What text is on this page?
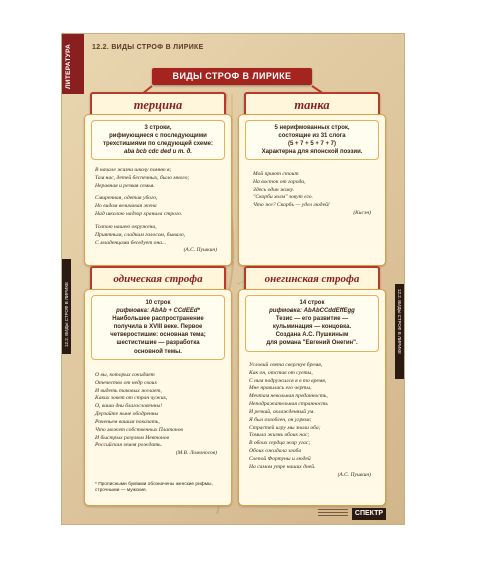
ЛИТЕРАТУРА
12.2. ВИДЫ СТРОФ В ЛИРИКЕ	12.2. ВИДЫ СТРОФ В ЛИРИКЕ
12.2. ВИДЫ СТРОФ В ЛИРИКЕ
ВИДЫ СТРОФ В ЛИРИКЕ
терцина
3 строки,
рифмующиеся с последующими
трехстишиями по следующей схеме:
aba bcb cdc ded и т. д.
В начале жизни школу помню я;
Там нас, детей беспечных, было много;
Неравная и резвая семья.
Смиренная, одетая убого,
Но видом величавая жена
Над школою надзор хранила строго.
Толпою нашею окружена,
Приятным, сладким голосом, бывало,
С младенцами беседует она...
(А.С. Пушкин)
танка
5 нерифмованных строк,
состоящие из 31 слога
(5 + 7 + 5 + 7 + 7)
Характерна для японской поэзии.
Мой приют стоит
На восток от города,
Здесь один живу.
"Скорби холм" зовут его.
Что же? Скорбь — удел людей!
(Кисэн)
одическая строфа
10 строк
рифмовка: AbAb + CCdEEd*
Наибольшее распространение
получила в XVIII веке. Первое
четверостишие: основная тема;
шестистишие — разработка
основной темы.
О вы, которых ожидает
Отечество от недр своих
И видеть таковых желает,
Каких зовет от стран чужих,
О, ваши дни благословенны!
Дерзайте ныне ободренны
Раченьем вашим показать,
Что может собственных Платонов
И быстрых разумом Невтонов
Российская земля рождать.
(М.В. Ломоносов)
* Прописными буквами обозначены женские рифмы, строчными — мужские.
онегинская строфа
14 строк
рифмовка: AbAbCCddEffEgg
Тезис — его развитие —
кульминация — концовка.
Создана А.С. Пушкиным
для романа "Евгений Онегин".
Условий света свергнув бремя,
Как он, отстав от суеты,
С ним подружился я в то время,
Мне нравились его черты,
Мечтам невольная преданность,
Неподражательная странность
И резкий, охлажденный ум.
Я был озлоблен, он угрюм;
Страстей игру мы знали оба;
Томила жизнь обоих нас;
В обоих сердца жар угас;
Обоих ожидала злоба
Слепой Фортуны и людей
На самом утре наших дней.
(А.С. Пушкин)
СПЕКТР
